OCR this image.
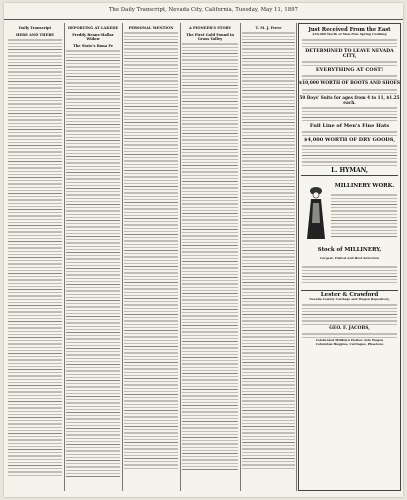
The Daily Transcript, Nevada City, California, Tuesday, May 11, 1897
Daily Transcript
HERE AND THERE
DEPORTING AT LAKEDE
Freddy Beans-Hallar Widow
The State's Bona Fe
PERSONAL MENTION	A PIONEER'S STORY
The First Gold Found in Grass Valley
T. M. J. Frere	Just Received From the East
$30,000 Worth of Men-Fine Spring Clothing
DETERMINED TO LEAVE NEVADA CITY,
EVERYTHING AT COST!
$10,000 WORTH OF BOOTS AND SHOES
50 Boys' Suits for ages from 4 to 11, $1.25 each.
Full Line of Men's Fine Hats
$4,000 WORTH OF DRY GOODS,
L. HYMAN,
MILLINERY WORK.
Stock of MILLINERY,
Largest, Fullest and Best Selection
Lester & Crawford
Nevada County Carriage and Wagon Repository,
GEO. F. JACOBS,
Celebrated Millburn Hollow Axle Wagon
Columbus Buggies, Carriages, Phaetons
